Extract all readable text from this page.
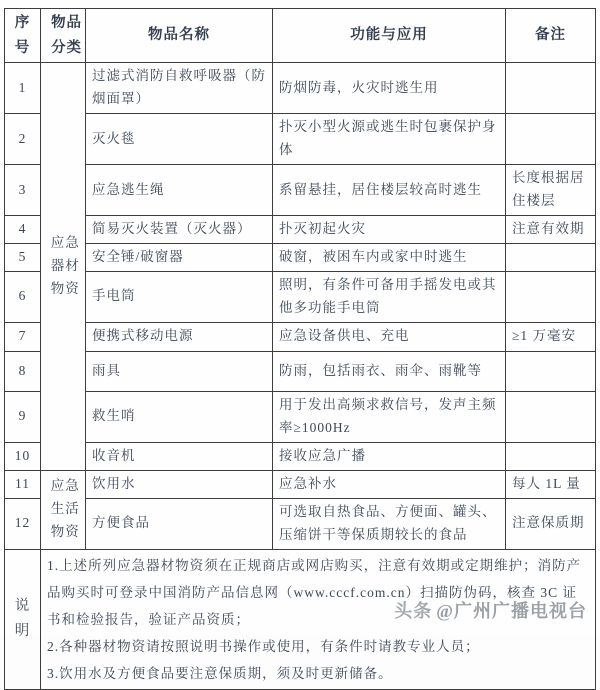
序号	物品分类	物品名称	功能与应用	备注
1	应急器材物资	过滤式消防自救呼吸器（防烟面罩）	防烟防毒，火灾时逃生用	
2		灭火毯	扑灭小型火源或逃生时包裹保护身体	
3		应急逃生绳	系留悬挂，居住楼层较高时逃生	长度根据居住楼层
4		简易灭火装置（灭火器）	扑灭初起火灾	注意有效期
5		安全锤/破窗器	破窗，被困车内或家中时逃生	
6		手电筒	照明，有条件可备用手摇发电或其他多功能手电筒	
7		便携式移动电源	应急设备供电、充电	≥1 万毫安
8		雨具	防雨，包括雨衣、雨伞、雨靴等	
9		救生哨	用于发出高频求救信号，发声主频率≥1000Hz	
10		收音机	接收应急广播	
11	应急生活物资	饮用水	应急补水	每人 1L 量
12		方便食品	可选取自热食品、方便面、罐头、压缩饼干等保质期较长的食品	注意保质期
说明	1.上述所列应急器材物资须在正规商店或网店购买，注意有效期或定期维护；消防产品购买时可登录中国消防产品信息网（www.cccf.com.cn）扫描防伪码，核查 3C 证书和检验报告，验证产品资质；

2.各种器材物资请按照说明书操作或使用，有条件时请教专业人员；

3.饮用水及方便食品要注意保质期，须及时更新储备。			

头条 @广州广播电视台
